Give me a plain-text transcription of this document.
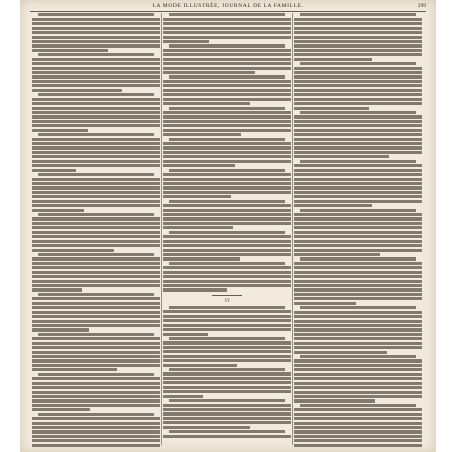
LA MODE ILLUSTRÉE, JOURNAL DE LA FAMILLE.	299
VI
